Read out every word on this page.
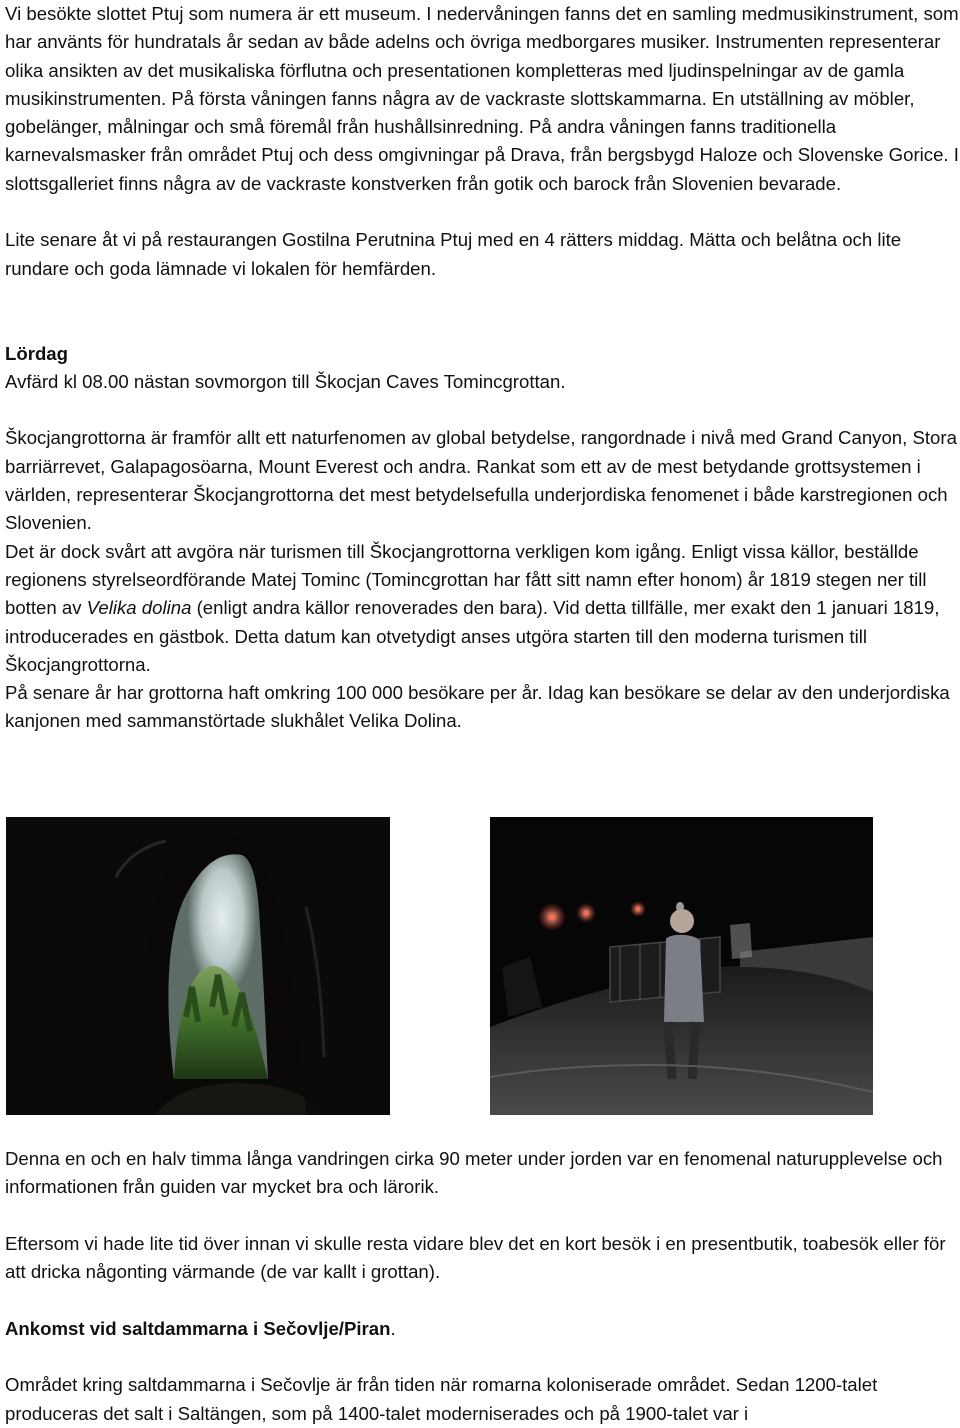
Vi besökte slottet Ptuj som numera är ett museum. I nedervåningen fanns det en samling medmusikinstrument, som har använts för hundratals år sedan av både adelns och övriga medborgares musiker. Instrumenten representerar olika ansikten av det musikaliska förflutna och presentationen kompletteras med ljudinspelningar av de gamla musikinstrumenten. På första våningen fanns några av de vackraste slottskammarna. En utställning av möbler, gobelänger, målningar och små föremål från hushållsinredning. På andra våningen fanns traditionella karnevalsmasker från området Ptuj och dess omgivningar på Drava, från bergsbygd Haloze och Slovenske Gorice. I slottsgalleriet finns några av de vackraste konstverken från gotik och barock från Slovenien bevarade.

Lite senare åt vi på restaurangen Gostilna Perutnina Ptuj med en 4 rätters middag. Mätta och belåtna och lite rundare och goda lämnade vi lokalen för hemfärden.

Lördag

Avfärd kl 08.00 nästan sovmorgon till Škocjan Caves Tomincgrottan.

Škocjangrottorna är framför allt ett naturfenomen av global betydelse, rangordnade i nivå med Grand Canyon, Stora barriärrevet, Galapagosöarna, Mount Everest och andra. Rankat som ett av de mest betydande grottsystemen i världen, representerar Škocjangrottorna det mest betydelsefulla underjordiska fenomenet i både karstregionen och Slovenien.

Det är dock svårt att avgöra när turismen till Škocjangrottorna verkligen kom igång. Enligt vissa källor, beställde regionens styrelseordförande Matej Tominc (Tomincgrottan har fått sitt namn efter honom) år 1819 stegen ner till botten av Velika dolina (enligt andra källor renoverades den bara). Vid detta tillfälle, mer exakt den 1 januari 1819, introducerades en gästbok. Detta datum kan otvetydigt anses utgöra starten till den moderna turismen till Škocjangrottorna.

På senare år har grottorna haft omkring 100 000 besökare per år. Idag kan besökare se delar av den underjordiska kanjonen med sammanstörtade slukhålet Velika Dolina.

Denna en och en halv timma långa vandringen cirka 90 meter under jorden var en fenomenal naturupplevelse och informationen från guiden var mycket bra och lärorik.

Eftersom vi hade lite tid över innan vi skulle resta vidare blev det en kort besök i en presentbutik, toabesök eller för att dricka någonting värmande (de var kallt i grottan).

Ankomst vid saltdammarna i Sečovlje/Piran.

Området kring saltdammarna i Sečovlje är från tiden när romarna koloniserade området. Sedan 1200-talet produceras det salt i Saltängen, som på 1400-talet moderniserades och på 1900-talet var i
